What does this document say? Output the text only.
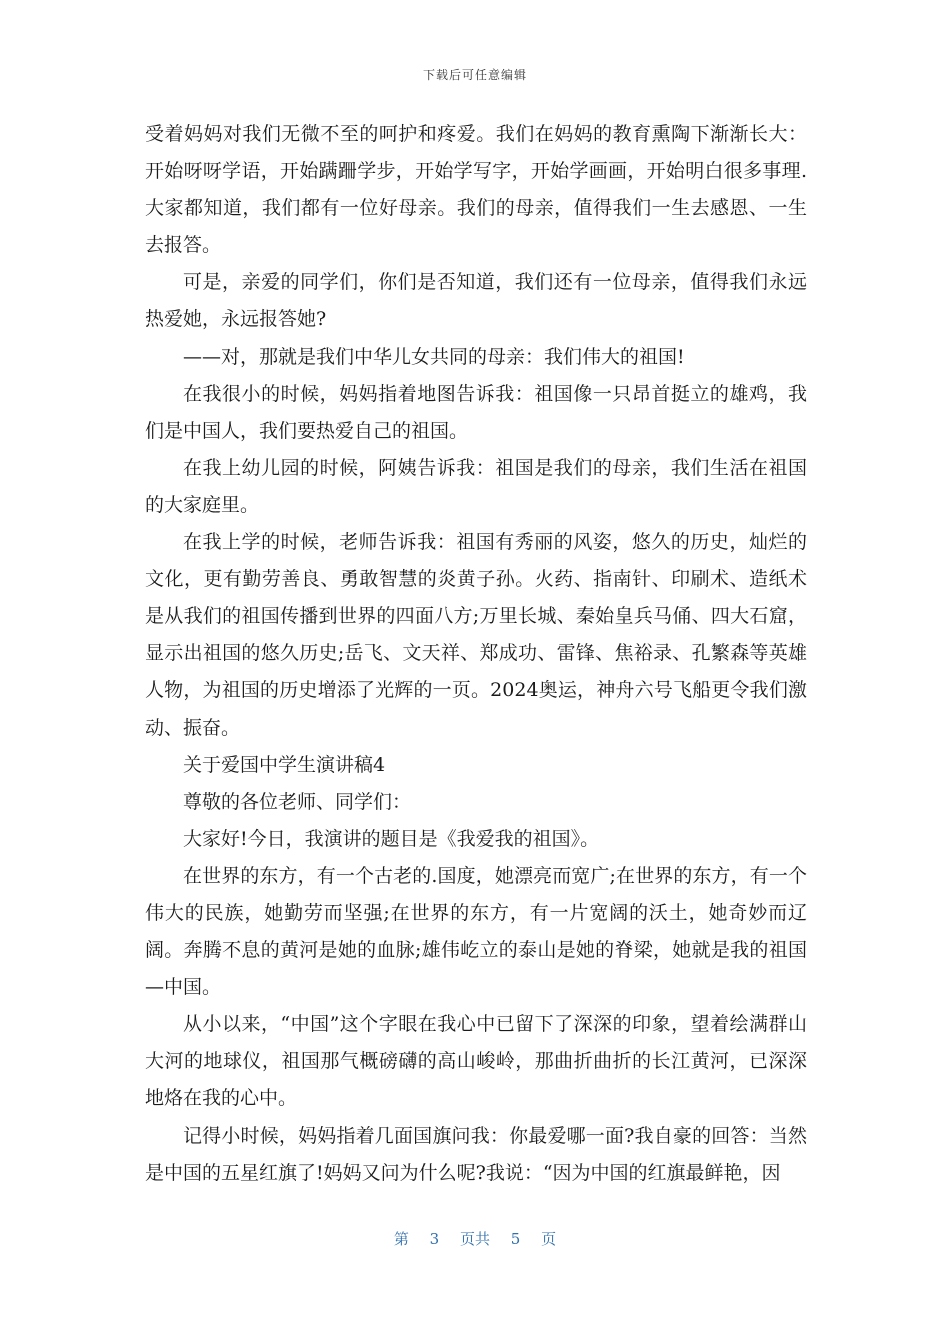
下载后可任意编辑

受着妈妈对我们无微不至的呵护和疼爱。我们在妈妈的教育熏陶下渐渐长大：开始呀呀学语，开始蹒跚学步，开始学写字，开始学画画，开始明白很多事理.大家都知道，我们都有一位好母亲。我们的母亲，值得我们一生去感恩、一生去报答。

可是，亲爱的同学们，你们是否知道，我们还有一位母亲，值得我们永远热爱她，永远报答她?

——对，那就是我们中华儿女共同的母亲：我们伟大的祖国!

在我很小的时候，妈妈指着地图告诉我：祖国像一只昂首挺立的雄鸡，我们是中国人，我们要热爱自己的祖国。

在我上幼儿园的时候，阿姨告诉我：祖国是我们的母亲，我们生活在祖国的大家庭里。

在我上学的时候，老师告诉我：祖国有秀丽的风姿，悠久的历史，灿烂的文化，更有勤劳善良、勇敢智慧的炎黄子孙。火药、指南针、印刷术、造纸术是从我们的祖国传播到世界的四面八方;万里长城、秦始皇兵马俑、四大石窟，显示出祖国的悠久历史;岳飞、文天祥、郑成功、雷锋、焦裕录、孔繁森等英雄人物，为祖国的历史增添了光辉的一页。2024奥运，神舟六号飞船更令我们激动、振奋。

关于爱国中学生演讲稿4

尊敬的各位老师、同学们：

大家好!今日，我演讲的题目是《我爱我的祖国》。

在世界的东方，有一个古老的.国度，她漂亮而宽广;在世界的东方，有一个伟大的民族，她勤劳而坚强;在世界的东方，有一片宽阔的沃土，她奇妙而辽阔。奔腾不息的黄河是她的血脉;雄伟屹立的泰山是她的脊梁，她就是我的祖国—中国。

从小以来，“中国”这个字眼在我心中已留下了深深的印象，望着绘满群山大河的地球仪，祖国那气概磅礴的高山峻岭，那曲折曲折的长江黄河，已深深地烙在我的心中。

记得小时候，妈妈指着几面国旗问我：你最爱哪一面?我自豪的回答：当然是中国的五星红旗了!妈妈又问为什么呢?我说：“因为中国的红旗最鲜艳，因

第 3 页共 5 页
